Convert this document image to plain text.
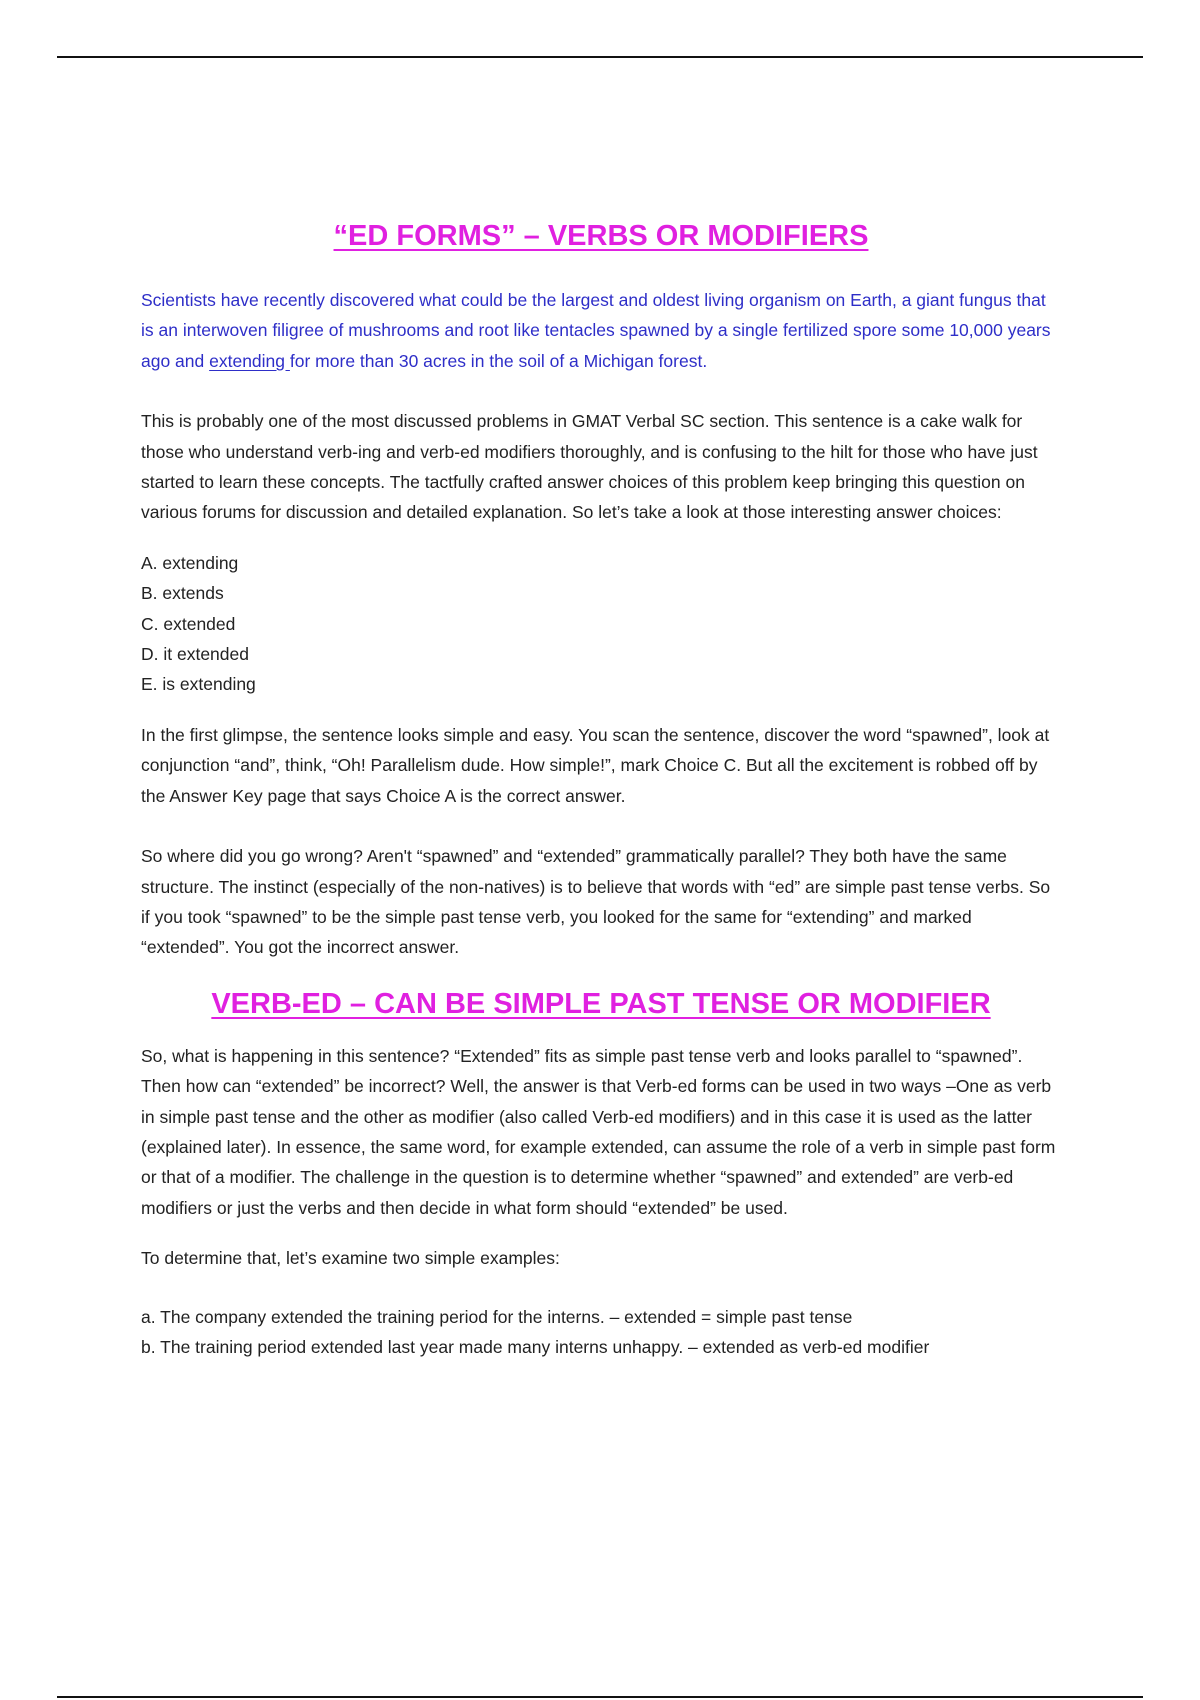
“ED FORMS” – VERBS OR MODIFIERS

Scientists have recently discovered what could be the largest and oldest living organism on Earth, a giant fungus that is an interwoven filigree of mushrooms and root like tentacles spawned by a single fertilized spore some 10,000 years ago and extending for more than 30 acres in the soil of a Michigan forest.

This is probably one of the most discussed problems in GMAT Verbal SC section. This sentence is a cake walk for those who understand verb-ing and verb-ed modifiers thoroughly, and is confusing to the hilt for those who have just started to learn these concepts. The tactfully crafted answer choices of this problem keep bringing this question on various forums for discussion and detailed explanation. So let’s take a look at those interesting answer choices:

A. extending
B. extends
C. extended
D. it extended
E. is extending

In the first glimpse, the sentence looks simple and easy. You scan the sentence, discover the word “spawned”, look at conjunction “and”, think, “Oh! Parallelism dude. How simple!”, mark Choice C. But all the excitement is robbed off by the Answer Key page that says Choice A is the correct answer.

So where did you go wrong? Aren't “spawned” and “extended” grammatically parallel? They both have the same structure. The instinct (especially of the non-natives) is to believe that words with “ed” are simple past tense verbs. So if you took “spawned” to be the simple past tense verb, you looked for the same for “extending” and marked “extended”. You got the incorrect answer.

VERB-ED – CAN BE SIMPLE PAST TENSE OR MODIFIER

So, what is happening in this sentence? “Extended” fits as simple past tense verb and looks parallel to “spawned”. Then how can “extended” be incorrect? Well, the answer is that Verb-ed forms can be used in two ways –One as verb in simple past tense and the other as modifier (also called Verb-ed modifiers) and in this case it is used as the latter (explained later). In essence, the same word, for example extended, can assume the role of a verb in simple past form or that of a modifier. The challenge in the question is to determine whether “spawned” and extended” are verb-ed modifiers or just the verbs and then decide in what form should “extended” be used.

To determine that, let’s examine two simple examples:

a. The company extended the training period for the interns. – extended = simple past tense

b. The training period extended last year made many interns unhappy. – extended as verb-ed modifier
